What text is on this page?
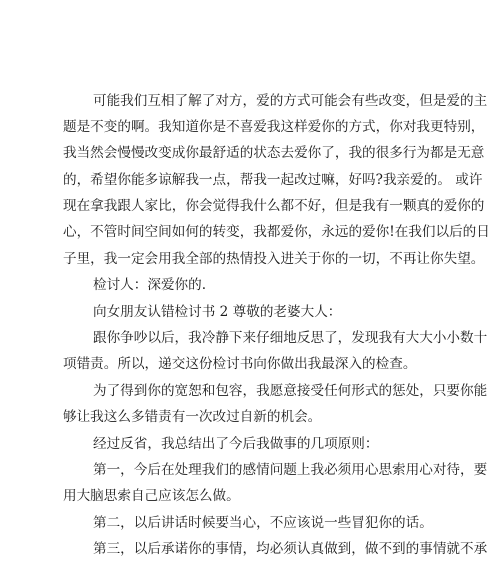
可能我们互相了解了对方，爱的方式可能会有些改变，但是爱的主

题是不变的啊。我知道你是不喜爱我这样爱你的方式，你对我更特别，

我当然会慢慢改变成你最舒适的状态去爱你了，我的很多行为都是无意

的，希望你能多谅解我一点，帮我一起改过嘛，好吗?我亲爱的。 或许

现在拿我跟人家比，你会觉得我什么都不好，但是我有一颗真的爱你的

心，不管时间空间如何的转变，我都爱你，永远的爱你!在我们以后的日

子里，我一定会用我全部的热情投入进关于你的一切，不再让你失望。

检讨人：深爱你的.

向女朋友认错检讨书 2 尊敬的老婆大人：

跟你争吵以后，我冷静下来仔细地反思了，发现我有大大小小数十

项错责。所以，递交这份检讨书向你做出我最深入的检查。

为了得到你的宽恕和包容，我愿意接受任何形式的惩处，只要你能

够让我这么多错责有一次改过自新的机会。

经过反省，我总结出了今后我做事的几项原则：

第一，今后在处理我们的感情问题上我必须用心思索用心对待，要

用大脑思索自己应该怎么做。

第二，以后讲话时候要当心，不应该说一些冒犯你的话。

第三，以后承诺你的事情，均必须认真做到，做不到的事情就不承
